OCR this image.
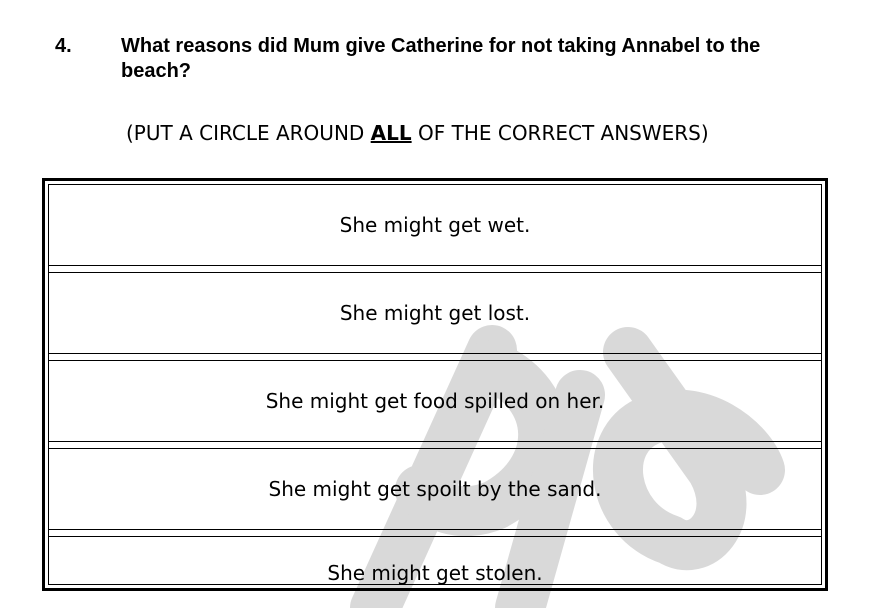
4. What reasons did Mum give Catherine for not taking Annabel to the beach?
(PUT A CIRCLE AROUND ALL OF THE CORRECT ANSWERS)
She might get wet.
She might get lost.
She might get food spilled on her.
She might get spoilt by the sand.
She might get stolen.
